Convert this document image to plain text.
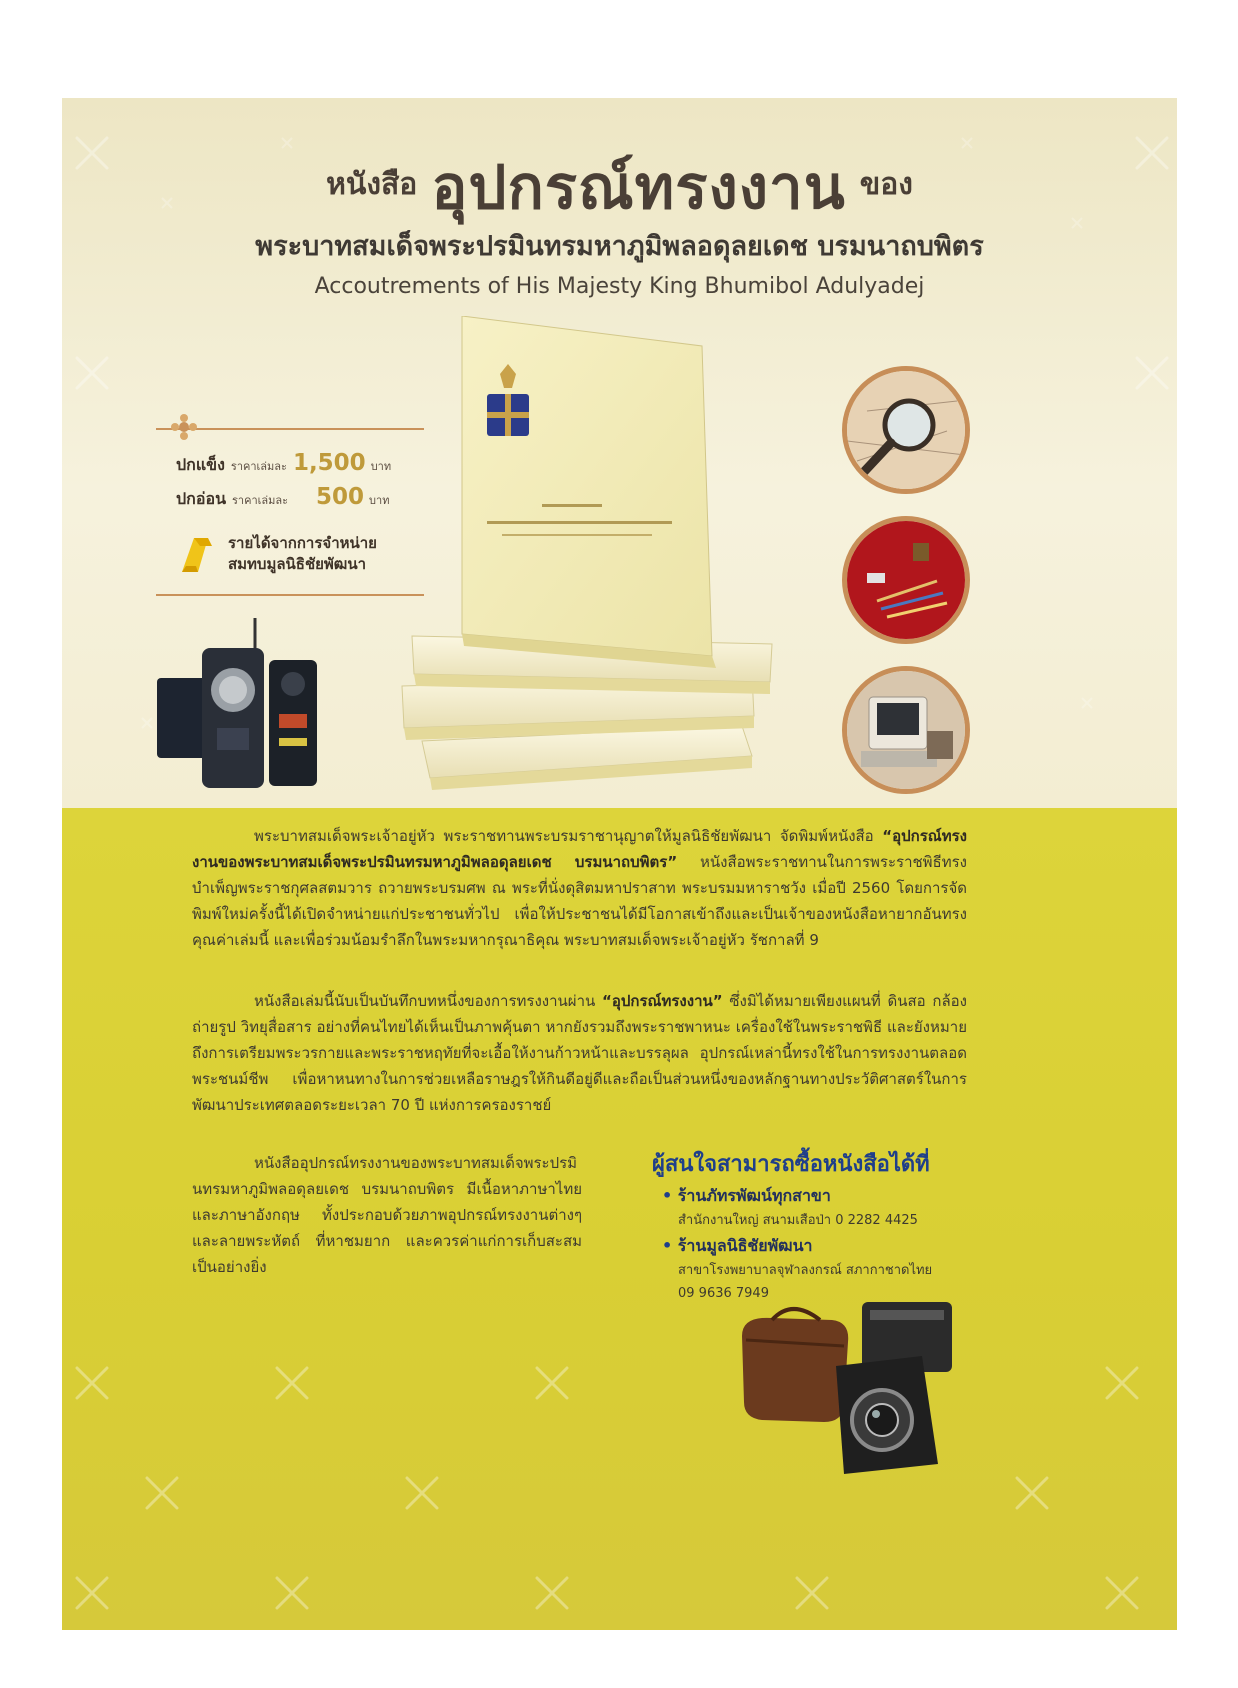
หนังสือ อุปกรณ์ทรงงาน ของ
พระบาทสมเด็จพระปรมินทรมหาภูมิพลอดุลยเดช บรมนาถบพิตร
Accoutrements of His Majesty King Bhumibol Adulyadej
ปกแข็ง ราคาเล่มละ 1,500 บาท
ปกอ่อน ราคาเล่มละ 500 บาท
รายได้จากการจำหน่าย
สมทบมูลนิธิชัยพัฒนา
พระบาทสมเด็จพระเจ้าอยู่หัว พระราชทานพระบรมราชานุญาตให้มูลนิธิชัยพัฒนา จัดพิมพ์หนังสือ “อุปกรณ์ทรงงานของพระบาทสมเด็จพระปรมินทรมหาภูมิพลอดุลยเดช บรมนาถบพิตร” หนังสือพระราชทานในการพระราชพิธีทรงบำเพ็ญพระราชกุศลสตมวาร ถวายพระบรมศพ ณ พระที่นั่งดุสิตมหาปราสาท พระบรมมหาราชวัง เมื่อปี 2560 โดยการจัดพิมพ์ใหม่ครั้งนี้ได้เปิดจำหน่ายแก่ประชาชนทั่วไป เพื่อให้ประชาชนได้มีโอกาสเข้าถึงและเป็นเจ้าของหนังสือหายากอันทรงคุณค่าเล่มนี้ และเพื่อร่วมน้อมรำลึกในพระมหากรุณาธิคุณ พระบาทสมเด็จพระเจ้าอยู่หัว รัชกาลที่ 9
หนังสือเล่มนี้นับเป็นบันทึกบทหนึ่งของการทรงงานผ่าน “อุปกรณ์ทรงงาน” ซึ่งมิได้หมายเพียงแผนที่ ดินสอ กล้องถ่ายรูป วิทยุสื่อสาร อย่างที่คนไทยได้เห็นเป็นภาพคุ้นตา หากยังรวมถึงพระราชพาหนะ เครื่องใช้ในพระราชพิธี และยังหมายถึงการเตรียมพระวรกายและพระราชหฤทัยที่จะเอื้อให้งานก้าวหน้าและบรรลุผล อุปกรณ์เหล่านี้ทรงใช้ในการทรงงานตลอดพระชนม์ชีพ เพื่อหาหนทางในการช่วยเหลือราษฎรให้กินดีอยู่ดีและถือเป็นส่วนหนึ่งของหลักฐานทางประวัติศาสตร์ในการพัฒนาประเทศตลอดระยะเวลา 70 ปี แห่งการครองราชย์
หนังสืออุปกรณ์ทรงงานของพระบาทสมเด็จพระปรมินทรมหาภูมิพลอดุลยเดช บรมนาถบพิตร มีเนื้อหาภาษาไทยและภาษาอังกฤษ ทั้งประกอบด้วยภาพอุปกรณ์ทรงงานต่างๆ และลายพระหัตถ์ ที่หาชมยาก และควรค่าแก่การเก็บสะสมเป็นอย่างยิ่ง
ผู้สนใจสามารถซื้อหนังสือได้ที่
• ร้านภัทรพัฒน์ทุกสาขา
สำนักงานใหญ่ สนามเสือป่า 0 2282 4425
• ร้านมูลนิธิชัยพัฒนา
สาขาโรงพยาบาลจุฬาลงกรณ์ สภากาชาดไทย
09 9636 7949
